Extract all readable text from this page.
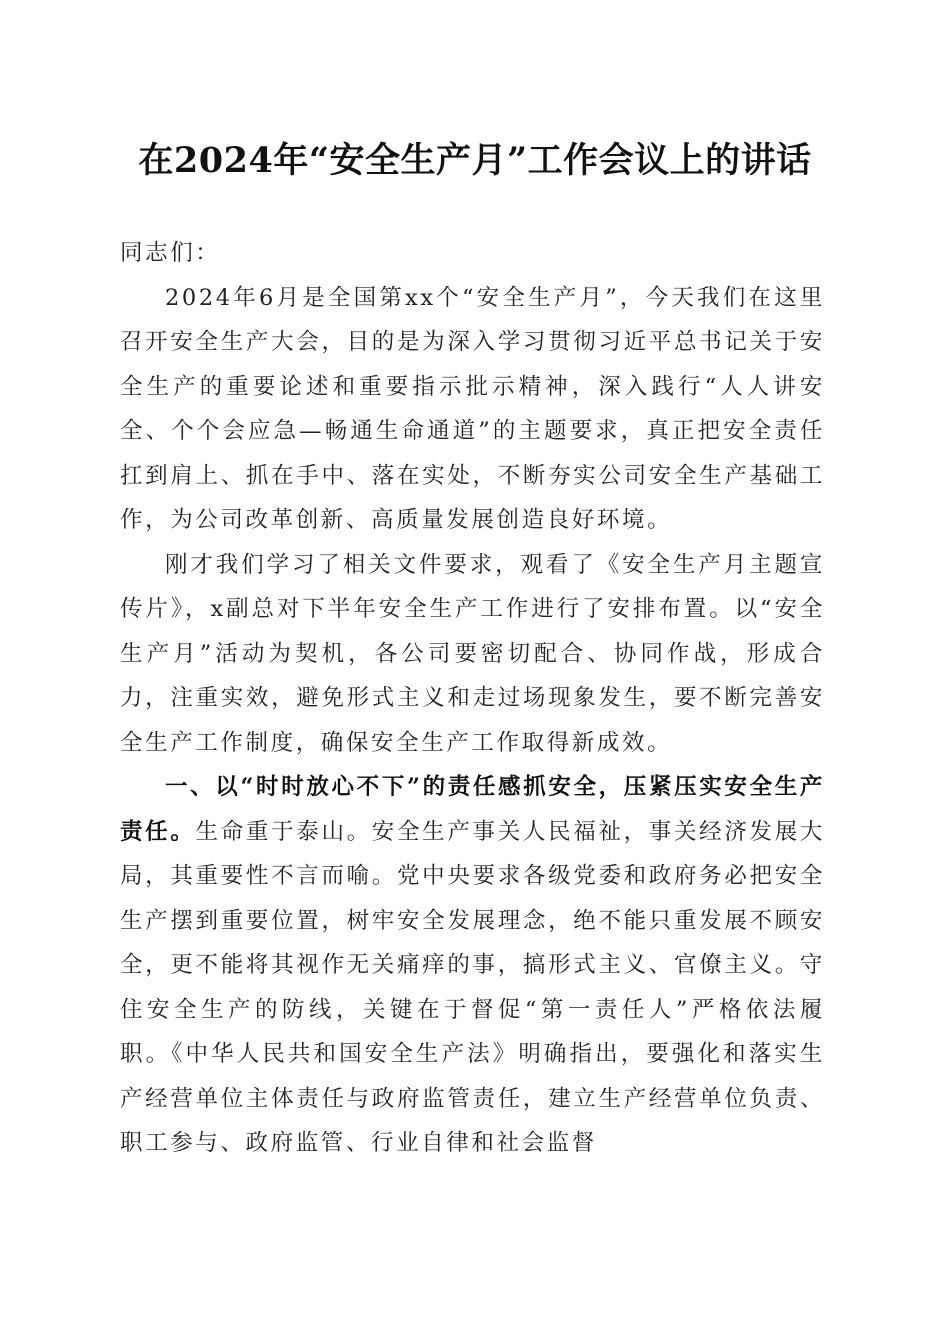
在2024年“安全生产月”工作会议上的讲话

同志们：

2024年6月是全国第xx个“安全生产月”，今天我们在这里召开安全生产大会，目的是为深入学习贯彻习近平总书记关于安全生产的重要论述和重要指示批示精神，深入践行“人人讲安全、个个会应急—畅通生命通道”的主题要求，真正把安全责任扛到肩上、抓在手中、落在实处，不断夯实公司安全生产基础工作，为公司改革创新、高质量发展创造良好环境。

刚才我们学习了相关文件要求，观看了《安全生产月主题宣传片》，x副总对下半年安全生产工作进行了安排布置。以“安全生产月”活动为契机，各公司要密切配合、协同作战，形成合力，注重实效，避免形式主义和走过场现象发生，要不断完善安全生产工作制度，确保安全生产工作取得新成效。

一、以“时时放心不下”的责任感抓安全，压紧压实安全生产责任。生命重于泰山。安全生产事关人民福祉，事关经济发展大局，其重要性不言而喻。党中央要求各级党委和政府务必把安全生产摆到重要位置，树牢安全发展理念，绝不能只重发展不顾安全，更不能将其视作无关痛痒的事，搞形式主义、官僚主义。守住安全生产的防线，关键在于督促“第一责任人”严格依法履职。《中华人民共和国安全生产法》明确指出，要强化和落实生产经营单位主体责任与政府监管责任，建立生产经营单位负责、职工参与、政府监管、行业自律和社会监督
